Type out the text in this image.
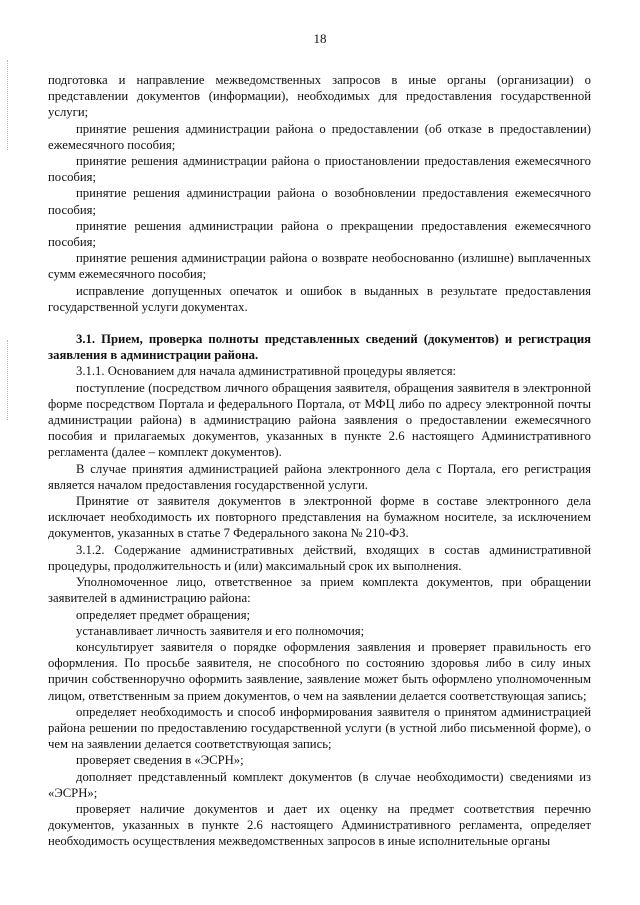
18

подготовка и направление межведомственных запросов в иные органы (организации) о представлении документов (информации), необходимых для предоставления государственной услуги;

принятие решения администрации района о предоставлении (об отказе в предоставлении) ежемесячного пособия;

принятие решения администрации района о приостановлении предоставления ежемесячного пособия;

принятие решения администрации района о возобновлении предоставления ежемесячного пособия;

принятие решения администрации района о прекращении предоставления ежемесячного пособия;

принятие решения администрации района о возврате необоснованно (излишне) выплаченных сумм ежемесячного пособия;

исправление допущенных опечаток и ошибок в выданных в результате предоставления государственной услуги документах.

3.1. Прием, проверка полноты представленных сведений (документов) и регистрация заявления в администрации района.

3.1.1. Основанием для начала административной процедуры является:

поступление (посредством личного обращения заявителя, обращения заявителя в электронной форме посредством Портала и федерального Портала, от МФЦ либо по адресу электронной почты администрации района) в администрацию района заявления о предоставлении ежемесячного пособия и прилагаемых документов, указанных в пункте 2.6 настоящего Административного регламента (далее – комплект документов).

В случае принятия администрацией района электронного дела с Портала, его регистрация является началом предоставления государственной услуги.

Принятие от заявителя документов в электронной форме в составе электронного дела исключает необходимость их повторного представления на бумажном носителе, за исключением документов, указанных в статье 7 Федерального закона № 210-ФЗ.

3.1.2. Содержание административных действий, входящих в состав административной процедуры, продолжительность и (или) максимальный срок их выполнения.

Уполномоченное лицо, ответственное за прием комплекта документов, при обращении заявителей в администрацию района:

определяет предмет обращения;

устанавливает личность заявителя и его полномочия;

консультирует заявителя о порядке оформления заявления и проверяет правильность его оформления. По просьбе заявителя, не способного по состоянию здоровья либо в силу иных причин собственноручно оформить заявление, заявление может быть оформлено уполномоченным лицом, ответственным за прием документов, о чем на заявлении делается соответствующая запись;

определяет необходимость и способ информирования заявителя о принятом администрацией района решении по предоставлению государственной услуги (в устной либо письменной форме), о чем на заявлении делается соответствующая запись;

проверяет сведения в «ЭСРН»;

дополняет представленный комплект документов (в случае необходимости) сведениями из «ЭСРН»;

проверяет наличие документов и дает их оценку на предмет соответствия перечню документов, указанных в пункте 2.6 настоящего Административного регламента, определяет необходимость осуществления межведомственных запросов в иные исполнительные органы
